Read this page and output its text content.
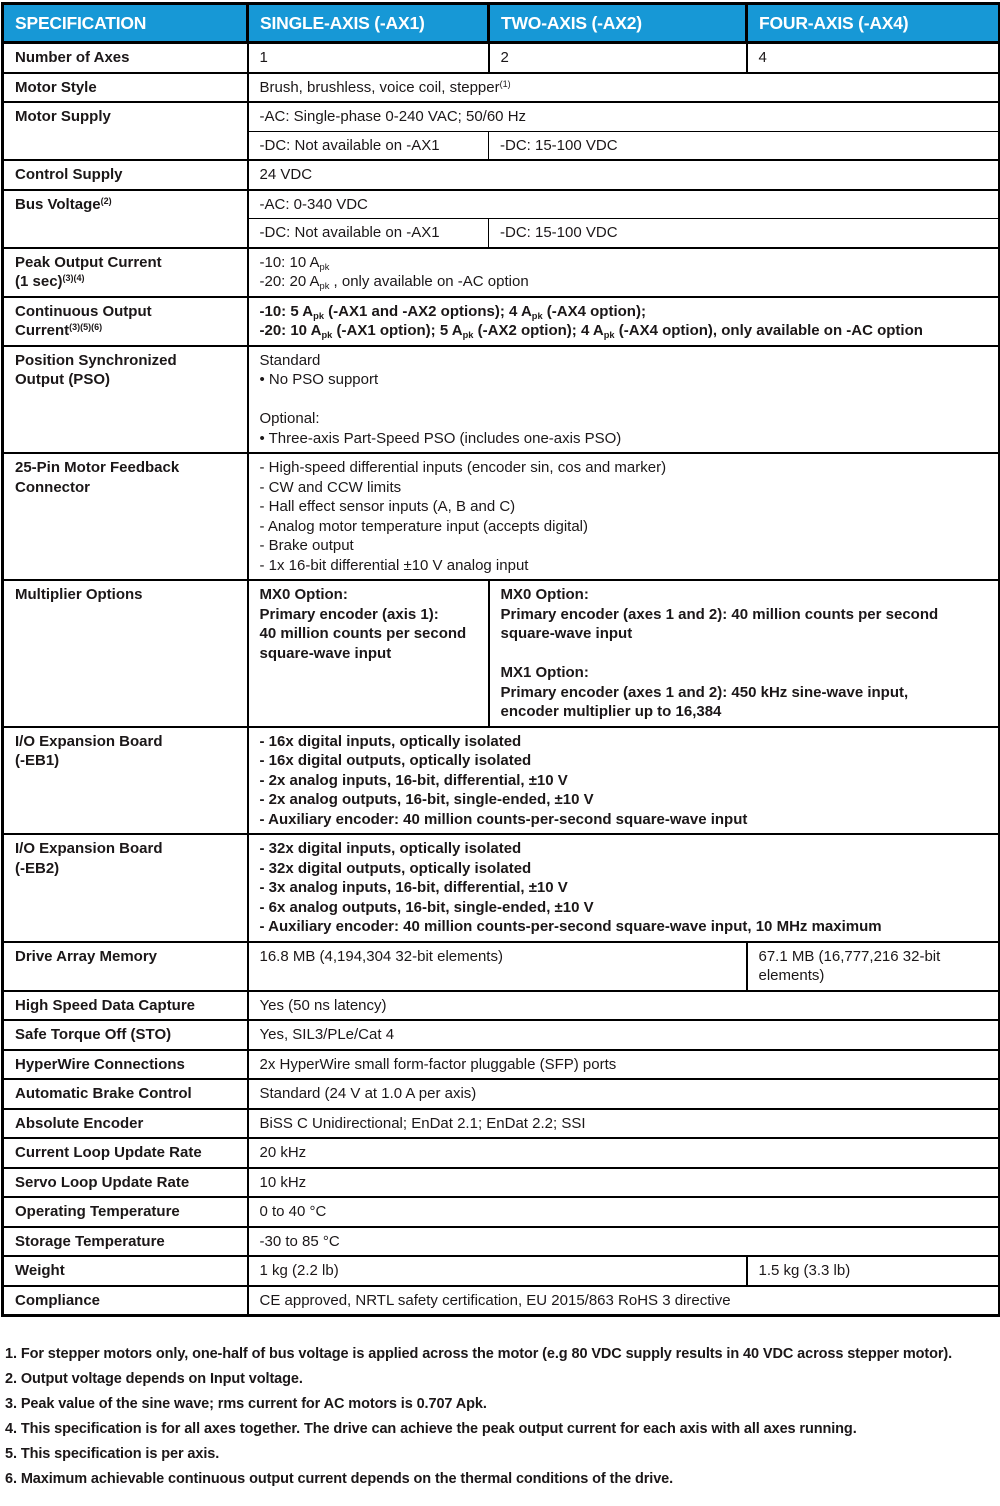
SPECIFICATION	SINGLE-AXIS (-AX1)	TWO-AXIS (-AX2)	FOUR-AXIS (-AX4)
Number of Axes	1	2	4
Motor Style	Brush, brushless, voice coil, stepper$^{(1)}$
Motor Supply	-AC: Single-phase 0-240 VAC; 50/60 Hz		
	-DC: Not available on -AX1	-DC: 15-100 VDC	
Control Supply	24 VDC		
Bus Voltage$^{(2)}$	-AC: 0-340 VDC		
	-DC: Not available on -AX1	-DC: 15-100 VDC	
Peak Output Current
(1 sec)$^{(3)(4)}$	-10: 10 $A_{pk}$
-20: 20 $A_{pk}$ , only available on -AC option		
Continuous Output
Current$^{(3)(5)(6)}$	-10: 5 $A_{pk}$ (-AX1 and -AX2 options); 4 $A_{pk}$ (-AX4 option);
-20: 10 $A_{pk}$ (-AX1 option); 5 $A_{pk}$ (-AX2 option); 4 $A_{pk}$ (-AX4 option), only available on -AC option		
Position Synchronized
Output (PSO)	Standard
• No PSO support

Optional:
• Three-axis Part-Speed PSO (includes one-axis PSO)		
25-Pin Motor Feedback
Connector	- High-speed differential inputs (encoder sin, cos and marker)
- CW and CCW limits
- Hall effect sensor inputs (A, B and C)
- Analog motor temperature input (accepts digital)
- Brake output
- 1x 16-bit differential ±10 V analog input
Multiplier Options	MX0 Option:
Primary encoder (axis 1):
40 million counts per second
square-wave input	MX0 Option:
Primary encoder (axes 1 and 2): 40 million counts per second
square-wave input

MX1 Option:
Primary encoder (axes 1 and 2): 450 kHz sine-wave input,
encoder multiplier up to 16,384
I/O Expansion Board
(-EB1)	- 16x digital inputs, optically isolated
- 16x digital outputs, optically isolated
- 2x analog inputs, 16-bit, differential, ±10 V
- 2x analog outputs, 16-bit, single-ended, ±10 V
- Auxiliary encoder: 40 million counts-per-second square-wave input		
I/O Expansion Board
(-EB2)	- 32x digital inputs, optically isolated
- 32x digital outputs, optically isolated
- 3x analog inputs, 16-bit, differential, ±10 V
- 6x analog outputs, 16-bit, single-ended, ±10 V
- Auxiliary encoder: 40 million counts-per-second square-wave input, 10 MHz maximum		
Drive Array Memory	16.8 MB (4,194,304 32-bit elements)		67.1 MB (16,777,216 32-bit elements)
High Speed Data Capture	Yes (50 ns latency)		
Safe Torque Off (STO)	Yes, SIL3/PLe/Cat 4		
HyperWire Connections	2x HyperWire small form-factor pluggable (SFP) ports		
Automatic Brake Control	Standard (24 V at 1.0 A per axis)		
Absolute Encoder	BiSS C Unidirectional; EnDat 2.1; EnDat 2.2; SSI		
Current Loop Update Rate	20 kHz		
Servo Loop Update Rate	10 kHz		
Operating Temperature	0 to 40 °C		
Storage Temperature	-30 to 85 °C		
Weight	1 kg (2.2 lb)		1.5 kg (3.3 lb)
Compliance	CE approved, NRTL safety certification, EU 2015/863 RoHS 3 directive		
1. For stepper motors only, one-half of bus voltage is applied across the motor (e.g 80 VDC supply results in 40 VDC across stepper motor).
2. Output voltage depends on Input voltage.
3. Peak value of the sine wave; rms current for AC motors is 0.707 Apk.
4. This specification is for all axes together. The drive can achieve the peak output current for each axis with all axes running.
5. This specification is per axis.
6. Maximum achievable continuous output current depends on the thermal conditions of the drive.
